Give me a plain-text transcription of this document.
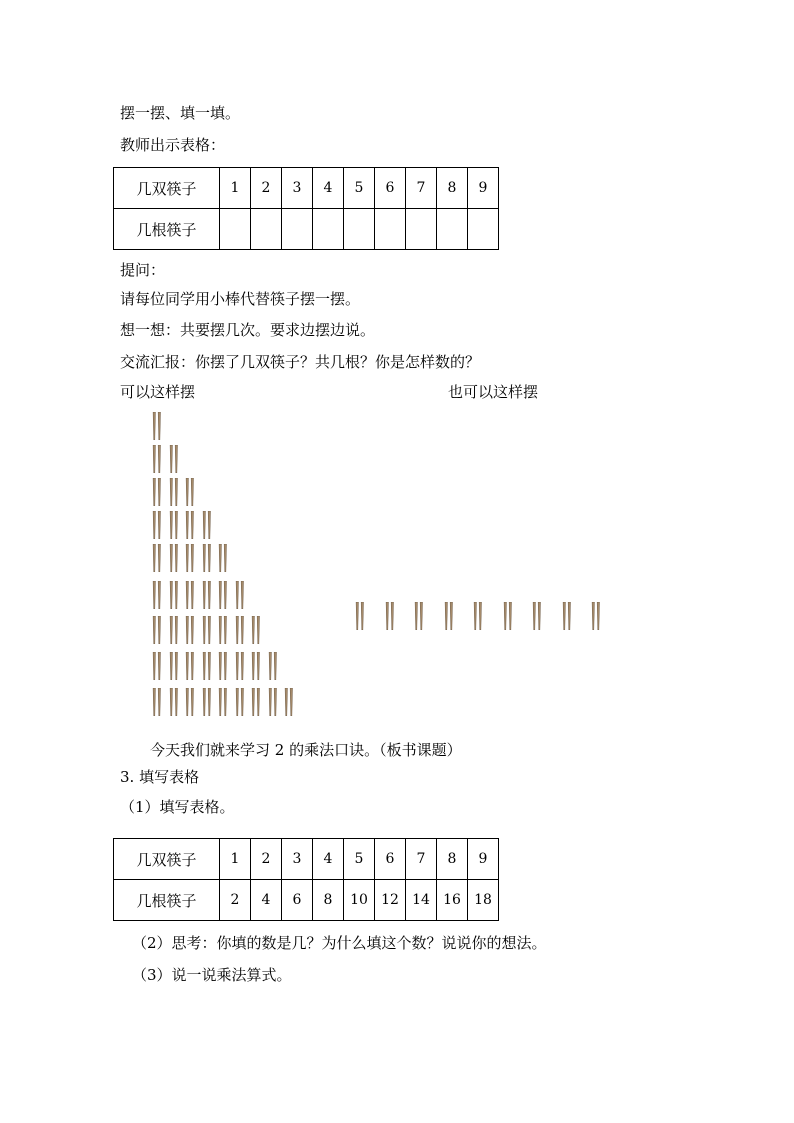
摆一摆、填一填。
教师出示表格：
几双筷子	1	2	3	4	5	6	7	8	9
几根筷子									
提问：
请每位同学用小棒代替筷子摆一摆。
想一想：共要摆几次。要求边摆边说。
交流汇报：你摆了几双筷子？共几根？你是怎样数的？
可以这样摆	也可以这样摆
今天我们就来学习 2 的乘法口诀。（板书课题）
3. 填写表格
（1）填写表格。
几双筷子	1	2	3	4	5	6	7	8	9
几根筷子	2	4	6	8	10	12	14	16	18
（2）思考：你填的数是几？为什么填这个数？说说你的想法。
（3）说一说乘法算式。
